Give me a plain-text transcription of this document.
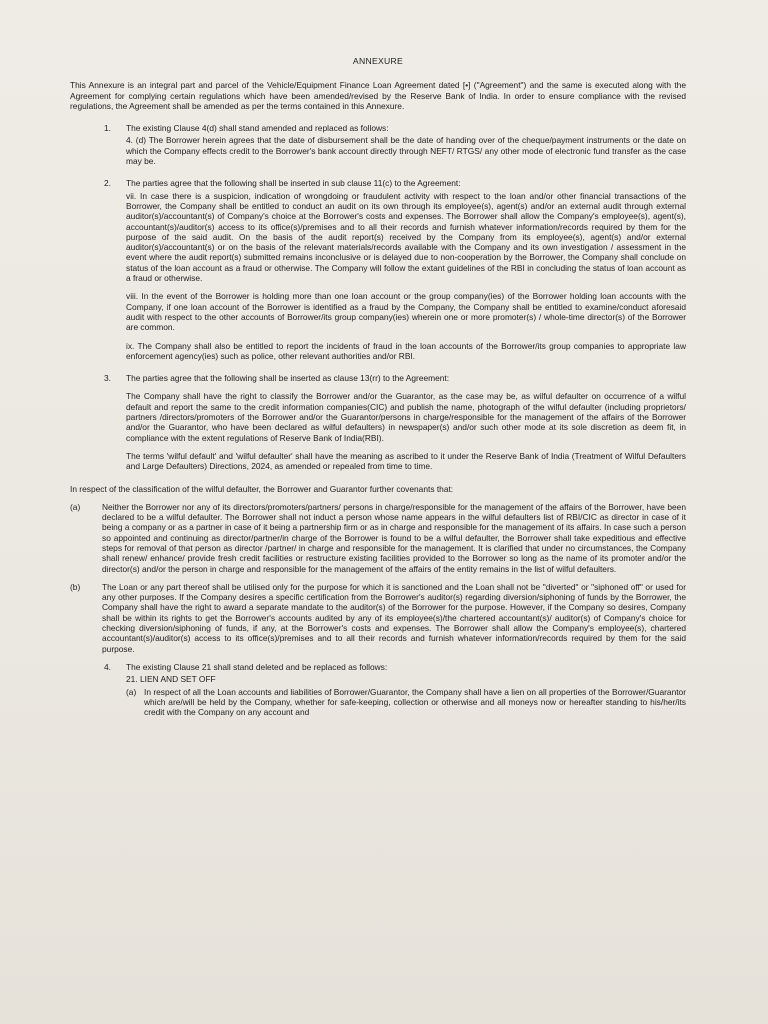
ANNEXURE
This Annexure is an integral part and parcel of the Vehicle/Equipment Finance Loan Agreement dated [•] ("Agreement") and the same is executed along with the Agreement for complying certain regulations which have been amended/revised by the Reserve Bank of India. In order to ensure compliance with the revised regulations, the Agreement shall be amended as per the terms contained in this Annexure.
1. The existing Clause 4(d) shall stand amended and replaced as follows:
4. (d) The Borrower herein agrees that the date of disbursement shall be the date of handing over of the cheque/payment instruments or the date on which the Company effects credit to the Borrower's bank account directly through NEFT/ RTGS/ any other mode of electronic fund transfer as the case may be.
2. The parties agree that the following shall be inserted in sub clause 11(c) to the Agreement:
vii. In case there is a suspicion, indication of wrongdoing or fraudulent activity with respect to the loan and/or other financial transactions of the Borrower, the Company shall be entitled to conduct an audit on its own through its employee(s), agent(s) and/or an external audit through external auditor(s)/accountant(s) of Company's choice at the Borrower's costs and expenses. The Borrower shall allow the Company's employee(s), agent(s), accountant(s)/auditor(s) access to its office(s)/premises and to all their records and furnish whatever information/records required by them for the purpose of the said audit. On the basis of the audit report(s) received by the Company from its employee(s), agent(s) and/or external auditor(s)/accountant(s) or on the basis of the relevant materials/records available with the Company and its own investigation / assessment in the event where the audit report(s) submitted remains inconclusive or is delayed due to non-cooperation by the Borrower, the Company shall conclude on status of the loan account as a fraud or otherwise. The Company will follow the extant guidelines of the RBI in concluding the status of loan account as a fraud or otherwise.
viii. In the event of the Borrower is holding more than one loan account or the group company(ies) of the Borrower holding loan accounts with the Company, if one loan account of the Borrower is identified as a fraud by the Company, the Company shall be entitled to examine/conduct aforesaid audit with respect to the other accounts of Borrower/its group company(ies) wherein one or more promoter(s) / whole-time director(s) of the Borrower are common.
ix. The Company shall also be entitled to report the incidents of fraud in the loan accounts of the Borrower/its group companies to appropriate law enforcement agency(ies) such as police, other relevant authorities and/or RBI.
3. The parties agree that the following shall be inserted as clause 13(rr) to the Agreement:
The Company shall have the right to classify the Borrower and/or the Guarantor, as the case may be, as wilful defaulter on occurrence of a wilful default and report the same to the credit information companies(CIC) and publish the name, photograph of the wilful defaulter (including proprietors/ partners /directors/promoters of the Borrower and/or the Guarantor/persons in charge/responsible for the management of the affairs of the Borrower and/or the Guarantor, who have been declared as wilful defaulters) in newspaper(s) and/or such other mode at its sole discretion as deem fit, in compliance with the extent regulations of Reserve Bank of India(RBI).
The terms 'wilful default' and 'wilful defaulter' shall have the meaning as ascribed to it under the Reserve Bank of India (Treatment of Wilful Defaulters and Large Defaulters) Directions, 2024, as amended or repealed from time to time.
In respect of the classification of the wilful defaulter, the Borrower and Guarantor further covenants that:
(a)	Neither the Borrower nor any of its directors/promoters/partners/ persons in charge/responsible for the management of the affairs of the Borrower, have been declared to be a wilful defaulter. The Borrower shall not induct a person whose name appears in the wilful defaulters list of RBI/CIC as director in case of it being a company or as a partner in case of it being a partnership firm or as in charge and responsible for the management of its affairs. In case such a person so appointed and continuing as director/partner/in charge of the Borrower is found to be a wilful defaulter, the Borrower shall take expeditious and effective steps for removal of that person as director /partner/ in charge and responsible for the management. It is clarified that under no circumstances, the Company shall renew/ enhance/ provide fresh credit facilities or restructure existing facilities provided to the Borrower so long as the name of its promoter and/or the director(s) and/or the person in charge and responsible for the management of the affairs of the entity remains in the list of wilful defaulters.
(b)	The Loan or any part thereof shall be utilised only for the purpose for which it is sanctioned and the Loan shall not be "diverted" or "siphoned off" or used for any other purposes. If the Company desires a specific certification from the Borrower's auditor(s) regarding diversion/siphoning of funds by the Borrower, the Company shall have the right to award a separate mandate to the auditor(s) of the Borrower for the purpose. However, if the Company so desires, Company shall be within its rights to get the Borrower's accounts audited by any of its employee(s)/the chartered accountant(s)/ auditor(s) of Company's choice for checking diversion/siphoning of funds, if any, at the Borrower's costs and expenses. The Borrower shall allow the Company's employee(s), chartered accountant(s)/auditor(s) access to its office(s)/premises and to all their records and furnish whatever information/records required by them for the said purpose.
4. The existing Clause 21 shall stand deleted and be replaced as follows:
21. LIEN AND SET OFF
(a) In respect of all the Loan accounts and liabilities of Borrower/Guarantor, the Company shall have a lien on all properties of the Borrower/Guarantor which are/will be held by the Company, whether for safe-keeping, collection or otherwise and all moneys now or hereafter standing to his/her/its credit with the Company on any account and
